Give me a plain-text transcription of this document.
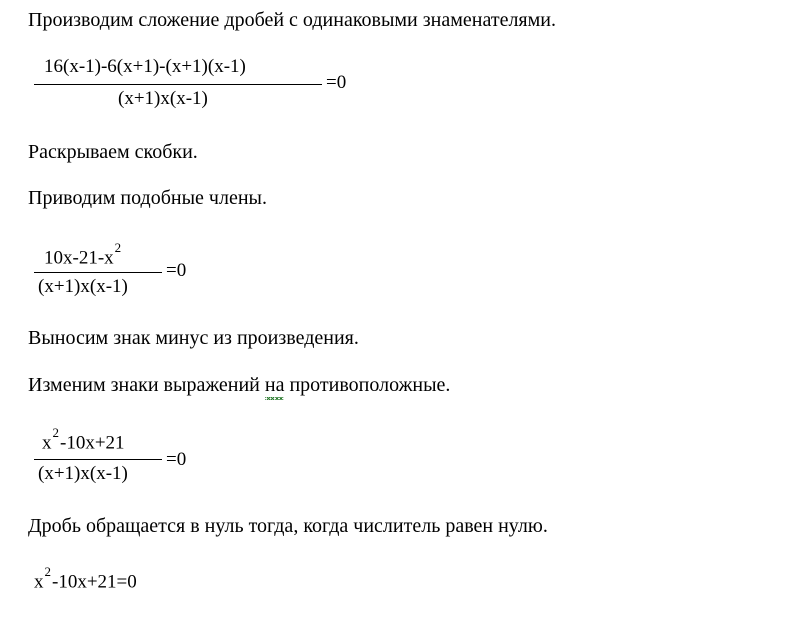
Производим сложение дробей с одинаковыми знаменателями.
16(x-1)-6(x+1)-(x+1)(x-1)
(x+1)x(x-1)
=0
Раскрываем скобки.
Приводим подобные члены.
$10x-21-x^2$
(x+1)x(x-1)
=0
Выносим знак минус из произведения.
Изменим знаки выражений на противоположные.
$x^2-10x+21$
(x+1)x(x-1)
=0
Дробь обращается в нуль тогда, когда числитель равен нулю.
$x^2-10x+21=0$
